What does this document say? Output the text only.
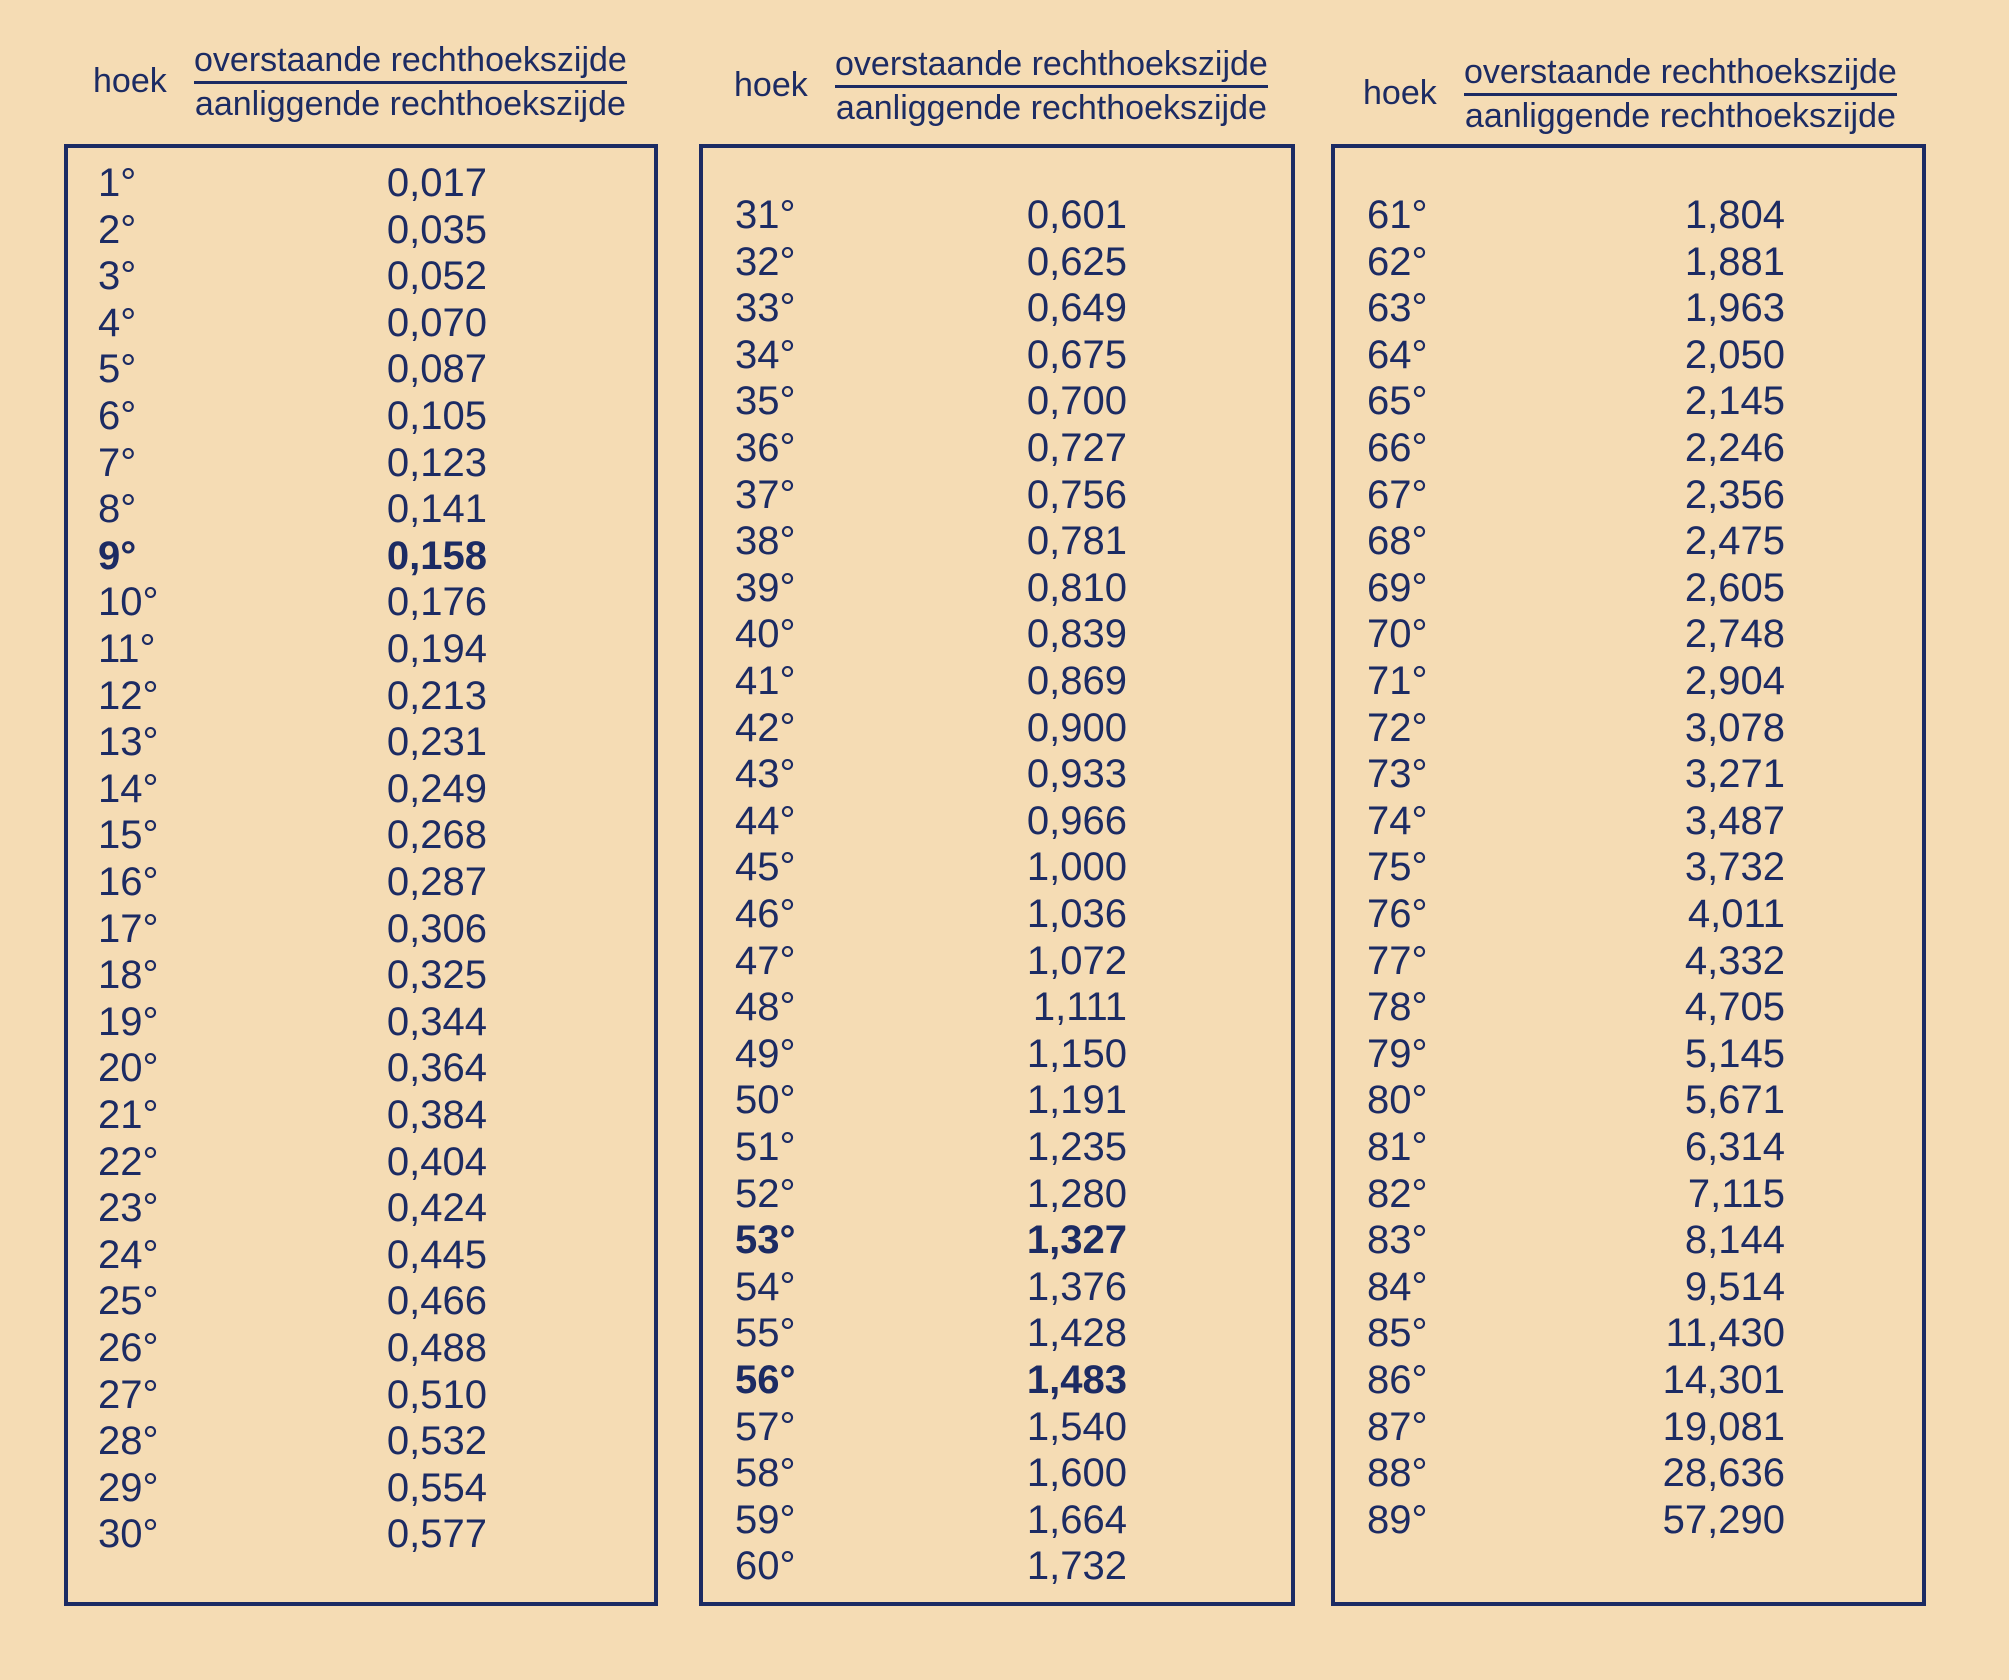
hoek
overstaande rechthoekszijde
aanliggende rechthoekszijde
1°	0,017
2°	0,035
3°	0,052
4°	0,070
5°	0,087
6°	0,105
7°	0,123
8°	0,141
9°	0,158
10°	0,176
11°	0,194
12°	0,213
13°	0,231
14°	0,249
15°	0,268
16°	0,287
17°	0,306
18°	0,325
19°	0,344
20°	0,364
21°	0,384
22°	0,404
23°	0,424
24°	0,445
25°	0,466
26°	0,488
27°	0,510
28°	0,532
29°	0,554
30°	0,577
hoek
overstaande rechthoekszijde
aanliggende rechthoekszijde
31°	0,601
32°	0,625
33°	0,649
34°	0,675
35°	0,700
36°	0,727
37°	0,756
38°	0,781
39°	0,810
40°	0,839
41°	0,869
42°	0,900
43°	0,933
44°	0,966
45°	1,000
46°	1,036
47°	1,072
48°	1,111
49°	1,150
50°	1,191
51°	1,235
52°	1,280
53°	1,327
54°	1,376
55°	1,428
56°	1,483
57°	1,540
58°	1,600
59°	1,664
60°	1,732
hoek
overstaande rechthoekszijde
aanliggende rechthoekszijde
61°	1,804
62°	1,881
63°	1,963
64°	2,050
65°	2,145
66°	2,246
67°	2,356
68°	2,475
69°	2,605
70°	2,748
71°	2,904
72°	3,078
73°	3,271
74°	3,487
75°	3,732
76°	4,011
77°	4,332
78°	4,705
79°	5,145
80°	5,671
81°	6,314
82°	7,115
83°	8,144
84°	9,514
85°	11,430
86°	14,301
87°	19,081
88°	28,636
89°	57,290
